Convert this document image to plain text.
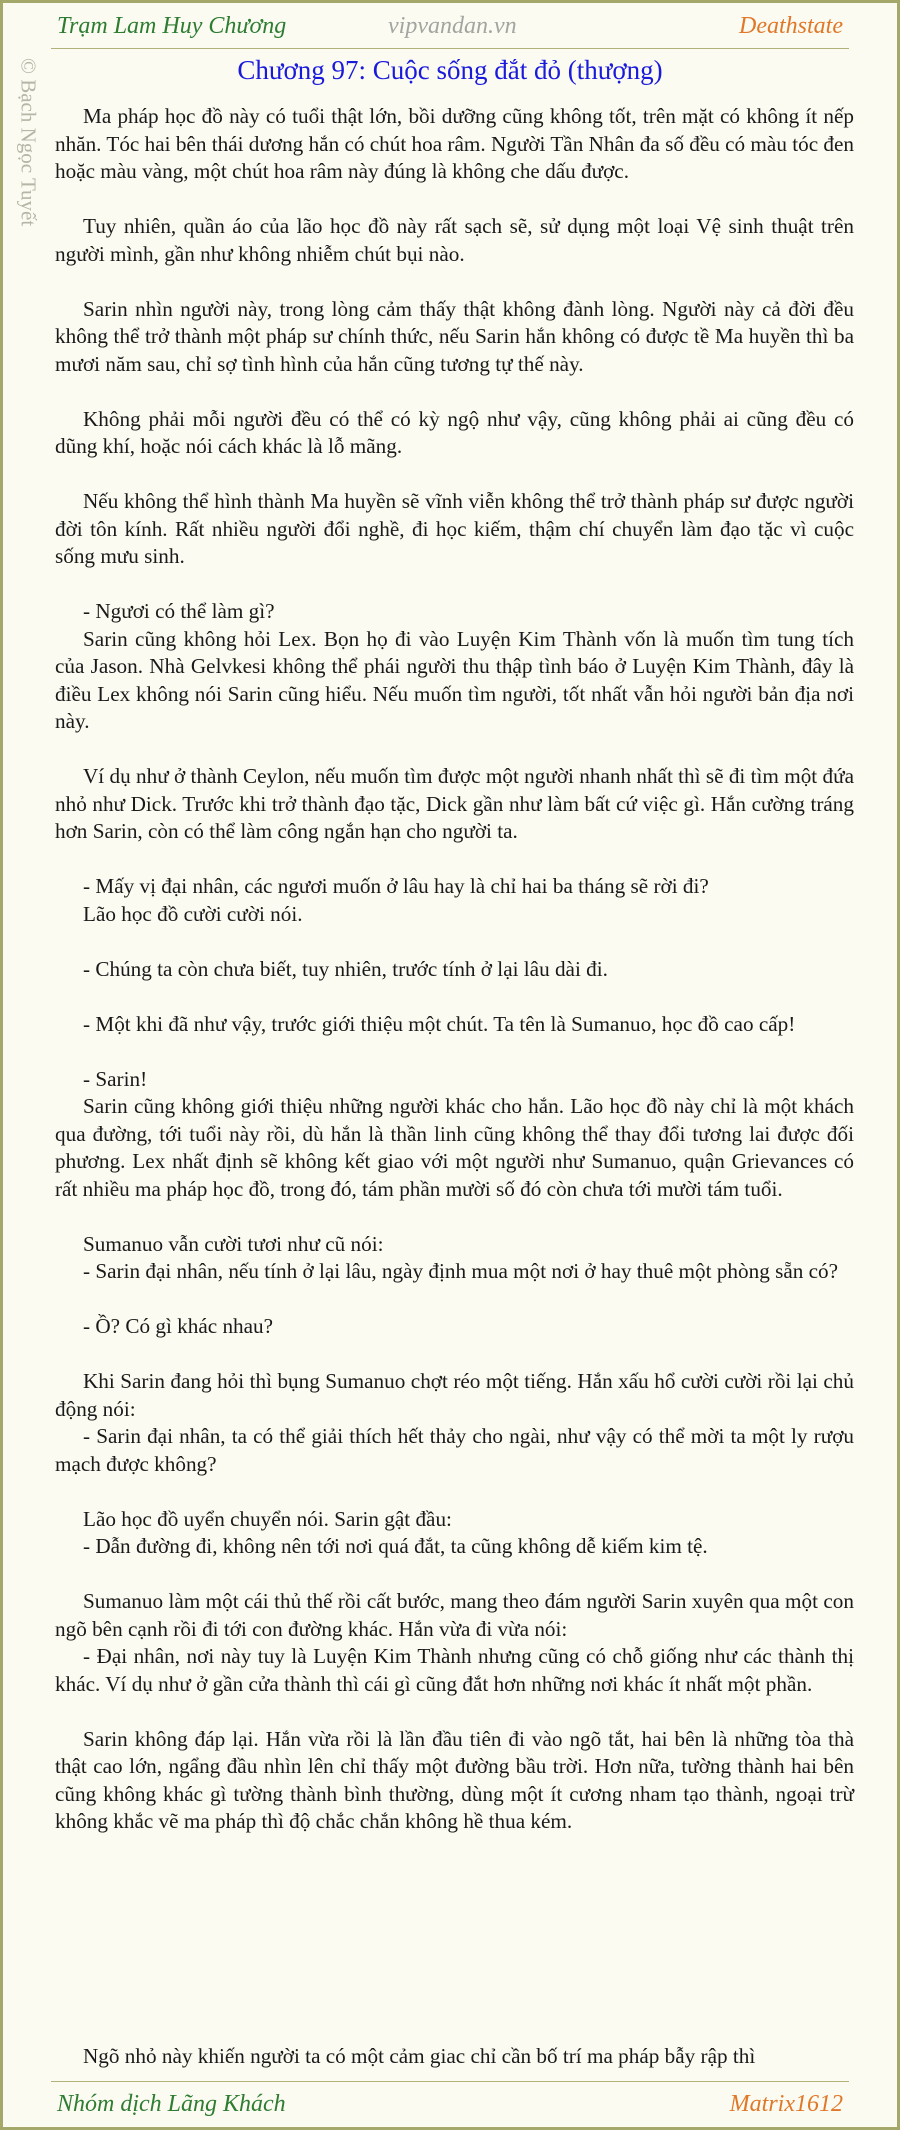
Trạm Lam Huy Chương	vipvandan.vn	Deathstate
© Bạch Ngọc Tuyết	Chương 97: Cuộc sống đắt đỏ (thượng)

Ma pháp học đồ này có tuổi thật lớn, bồi dưỡng cũng không tốt, trên mặt có không ít nếp nhăn. Tóc hai bên thái dương hắn có chút hoa râm. Người Tần Nhân đa số đều có màu tóc đen hoặc màu vàng, một chút hoa râm này đúng là không che dấu được.

Tuy nhiên, quần áo của lão học đồ này rất sạch sẽ, sử dụng một loại Vệ sinh thuật trên người mình, gần như không nhiễm chút bụi nào.

Sarin nhìn người này, trong lòng cảm thấy thật không đành lòng. Người này cả đời đều không thể trở thành một pháp sư chính thức, nếu Sarin hắn không có được tề Ma huyền thì ba mươi năm sau, chỉ sợ tình hình của hắn cũng tương tự thế này.

Không phải mỗi người đều có thể có kỳ ngộ như vậy, cũng không phải ai cũng đều có dũng khí, hoặc nói cách khác là lỗ mãng.

Nếu không thể hình thành Ma huyền sẽ vĩnh viễn không thể trở thành pháp sư được người đời tôn kính. Rất nhiều người đổi nghề, đi học kiếm, thậm chí chuyển làm đạo tặc vì cuộc sống mưu sinh.

- Ngươi có thể làm gì?

Sarin cũng không hỏi Lex. Bọn họ đi vào Luyện Kim Thành vốn là muốn tìm tung tích của Jason. Nhà Gelvkesi không thể phái người thu thập tình báo ở Luyện Kim Thành, đây là điều Lex không nói Sarin cũng hiểu. Nếu muốn tìm người, tốt nhất vẫn hỏi người bản địa nơi này.

Ví dụ như ở thành Ceylon, nếu muốn tìm được một người nhanh nhất thì sẽ đi tìm một đứa nhỏ như Dick. Trước khi trở thành đạo tặc, Dick gần như làm bất cứ việc gì. Hắn cường tráng hơn Sarin, còn có thể làm công ngắn hạn cho người ta.

- Mấy vị đại nhân, các ngươi muốn ở lâu hay là chỉ hai ba tháng sẽ rời đi?

Lão học đồ cười cười nói.

- Chúng ta còn chưa biết, tuy nhiên, trước tính ở lại lâu dài đi.

- Một khi đã như vậy, trước giới thiệu một chút. Ta tên là Sumanuo, học đồ cao cấp!

- Sarin!

Sarin cũng không giới thiệu những người khác cho hắn. Lão học đồ này chỉ là một khách qua đường, tới tuổi này rồi, dù hắn là thần linh cũng không thể thay đổi tương lai được đối phương. Lex nhất định sẽ không kết giao với một người như Sumanuo, quận Grievances có rất nhiều ma pháp học đồ, trong đó, tám phần mười số đó còn chưa tới mười tám tuổi.

Sumanuo vẫn cười tươi như cũ nói:

- Sarin đại nhân, nếu tính ở lại lâu, ngày định mua một nơi ở hay thuê một phòng sẵn có?

- Ồ? Có gì khác nhau?

Khi Sarin đang hỏi thì bụng Sumanuo chợt réo một tiếng. Hắn xấu hổ cười cười rồi lại chủ động nói:

- Sarin đại nhân, ta có thể giải thích hết thảy cho ngài, như vậy có thể mời ta một ly rượu mạch được không?

Lão học đồ uyển chuyển nói. Sarin gật đầu:

- Dẫn đường đi, không nên tới nơi quá đắt, ta cũng không dễ kiếm kim tệ.

Sumanuo làm một cái thủ thế rồi cất bước, mang theo đám người Sarin xuyên qua một con ngõ bên cạnh rồi đi tới con đường khác. Hắn vừa đi vừa nói:

- Đại nhân, nơi này tuy là Luyện Kim Thành nhưng cũng có chỗ giống như các thành thị khác. Ví dụ như ở gần cửa thành thì cái gì cũng đắt hơn những nơi khác ít nhất một phần.

Sarin không đáp lại. Hắn vừa rồi là lần đầu tiên đi vào ngõ tắt, hai bên là những tòa thà thật cao lớn, ngẩng đầu nhìn lên chỉ thấy một đường bầu trời. Hơn nữa, tường thành hai bên cũng không khác gì tường thành bình thường, dùng một ít cương nham tạo thành, ngoại trừ không khắc vẽ ma pháp thì độ chắc chắn không hề thua kém.

Ngõ nhỏ này khiến người ta có một cảm giac chỉ cần bố trí ma pháp bẫy rập thì
Nhóm dịch Lãng Khách	Matrix1612
